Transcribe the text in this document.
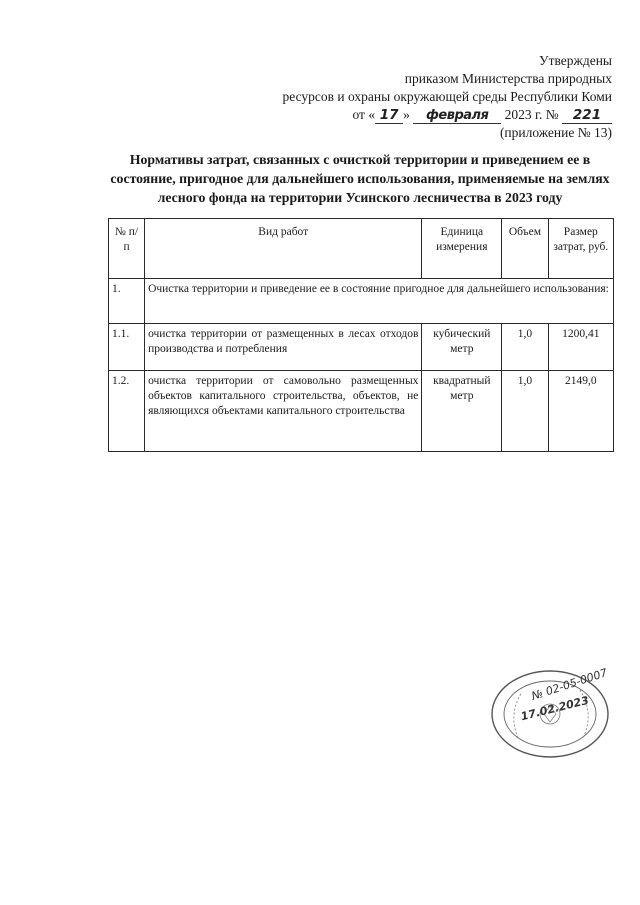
Утверждены
приказом Министерства природных
ресурсов и охраны окружающей среды Республики Коми
от « 17 » февраля 2023 г. № 221
(приложение № 13)
Нормативы затрат, связанных с очисткой территории и приведением ее в состояние, пригодное для дальнейшего использования, применяемые на землях лесного фонда на территории Усинского лесничества в 2023 году
№ п/п	Вид работ	Единица измерения	Объем	Размер затрат, руб.
1.	Очистка территории и приведение ее в состояние пригодное для дальнейшего использования:			
1.1.	очистка территории от размещенных в лесах отходов производства и потребления	кубический метр	1,0	1200,41
1.2.	очистка территории от самовольно размещенных объектов капитального строительства, объектов, не являющихся объектами капитального строительства	квадратный метр	1,0	2149,0
№ 02-05-0007
17.02.2023
